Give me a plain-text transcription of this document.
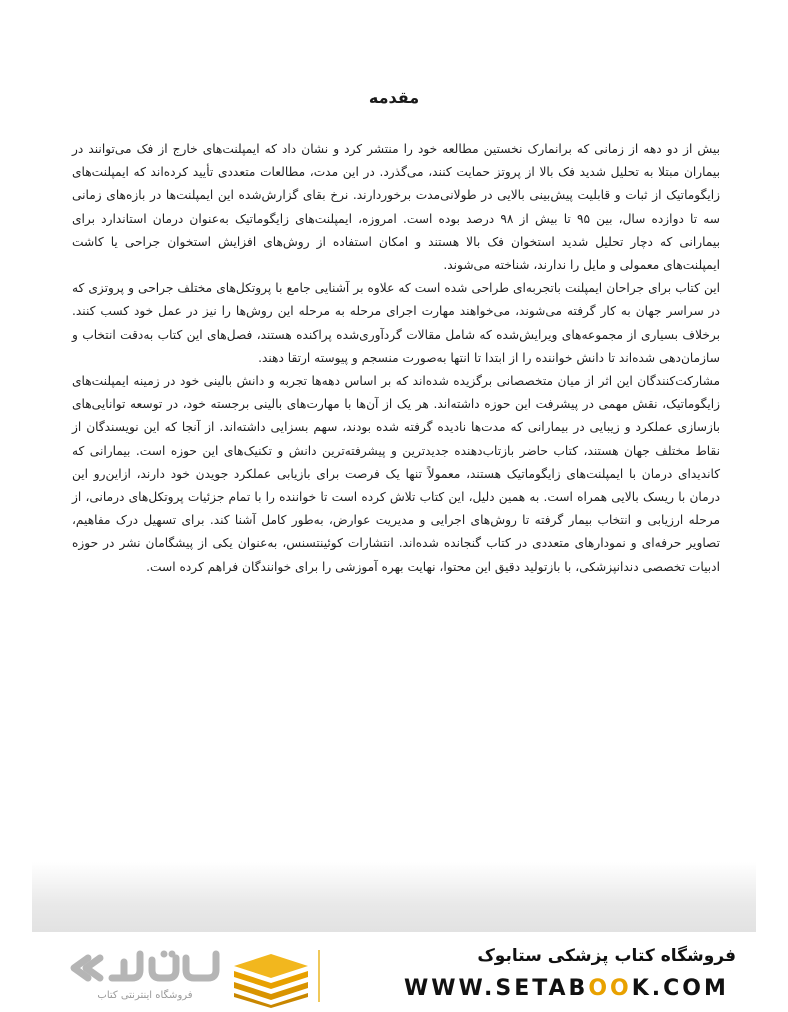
مقدمه

بیش از دو دهه از زمانی که برانمارک نخستین مطالعه خود را منتشر کرد و نشان داد که ایمپلنت‌های خارج از فک می‌توانند در بیماران مبتلا به تحلیل شدید فک بالا از پروتز حمایت کنند، می‌گذرد. در این مدت، مطالعات متعددی تأیید کرده‌اند که ایمپلنت‌های زایگوماتیک از ثبات و قابلیت پیش‌بینی بالایی در طولانی‌مدت برخوردارند. نرخ بقای گزارش‌شده این ایمپلنت‌ها در بازه‌های زمانی سه تا دوازده سال، بین ۹۵ تا بیش از ۹۸ درصد بوده است. امروزه، ایمپلنت‌های زایگوماتیک به‌عنوان درمان استاندارد برای بیمارانی که دچار تحلیل شدید استخوان فک بالا هستند و امکان استفاده از روش‌های افزایش استخوان جراحی یا کاشت ایمپلنت‌های معمولی و مایل را ندارند، شناخته می‌شوند.

این کتاب برای جراحان ایمپلنت باتجربه‌ای طراحی شده است که علاوه بر آشنایی جامع با پروتکل‌های مختلف جراحی و پروتزی که در سراسر جهان به کار گرفته می‌شوند، می‌خواهند مهارت اجرای مرحله به مرحله این روش‌ها را نیز در عمل خود کسب کنند. برخلاف بسیاری از مجموعه‌های ویرایش‌شده که شامل مقالات گردآوری‌شده پراکنده هستند، فصل‌های این کتاب به‌دقت انتخاب و سازمان‌دهی شده‌اند تا دانش خواننده را از ابتدا تا انتها به‌صورت منسجم و پیوسته ارتقا دهند.

مشارکت‌کنندگان این اثر از میان متخصصانی برگزیده شده‌اند که بر اساس دهه‌ها تجربه و دانش بالینی خود در زمینه ایمپلنت‌های زایگوماتیک، نقش مهمی در پیشرفت این حوزه داشته‌اند. هر یک از آن‌ها با مهارت‌های بالینی برجسته خود، در توسعه توانایی‌های بازسازی عملکرد و زیبایی در بیمارانی که مدت‌ها نادیده گرفته شده بودند، سهم بسزایی داشته‌اند. از آنجا که این نویسندگان از نقاط مختلف جهان هستند، کتاب حاضر بازتاب‌دهنده جدیدترین و پیشرفته‌ترین دانش و تکنیک‌های این حوزه است. بیمارانی که کاندیدای درمان با ایمپلنت‌های زایگوماتیک هستند، معمولاً تنها یک فرصت برای بازیابی عملکرد جویدن خود دارند، ازاین‌رو این درمان با ریسک بالایی همراه است. به همین دلیل، این کتاب تلاش کرده است تا خواننده را با تمام جزئیات پروتکل‌های درمانی، از مرحله ارزیابی و انتخاب بیمار گرفته تا روش‌های اجرایی و مدیریت عوارض، به‌طور کامل آشنا کند. برای تسهیل درک مفاهیم، تصاویر حرفه‌ای و نمودارهای متعددی در کتاب گنجانده شده‌اند. انتشارات کوئینتسنس، به‌عنوان یکی از پیشگامان نشر در حوزه ادبیات تخصصی دندانپزشکی، با بازتولید دقیق این محتوا، نهایت بهره آموزشی را برای خوانندگان فراهم کرده است.

فروشگاه کتاب پزشکی ستابوک
WWW.SETABOOK.COM
فروشگاه اینترنتی کتاب
